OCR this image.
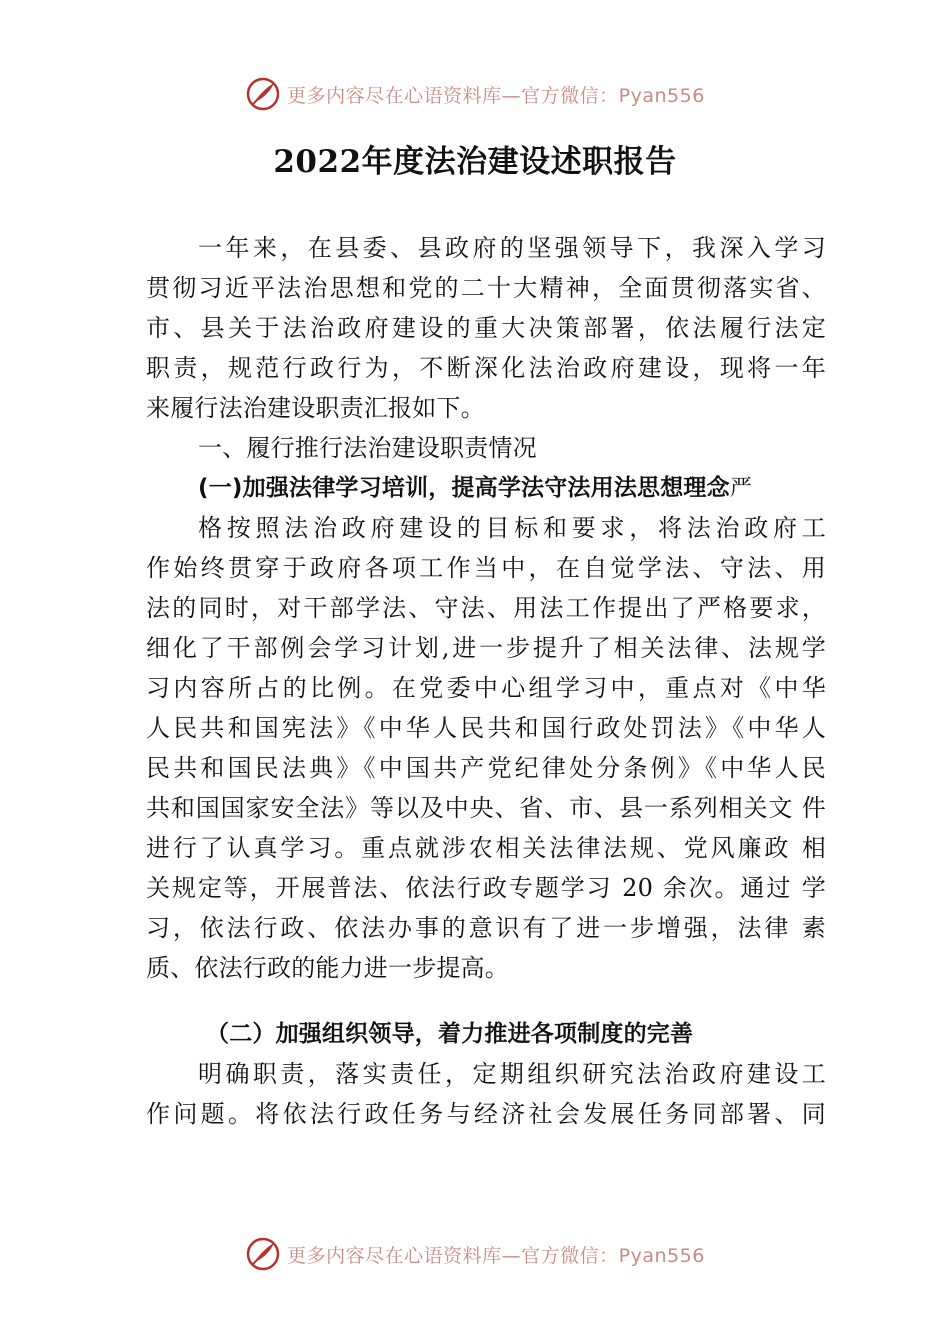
更多内容尽在心语资料库—官方微信：Pyan556
2022年度法治建设述职报告
一年来，在县委、县政府的坚强领导下，我深入学习
贯彻习近平法治思想和党的二十大精神，全面贯彻落实省、
市、县关于法治政府建设的重大决策部署，依法履行法定
职责，规范行政行为，不断深化法治政府建设，现将一年
来履行法治建设职责汇报如下。
一、履行推行法治建设职责情况
(一)加强法律学习培训，提高学法守法用法思想理念严
格按照法治政府建设的目标和要求，将法治政府工
作始终贯穿于政府各项工作当中，在自觉学法、守法、用
法的同时，对干部学法、守法、用法工作提出了严格要求，
细化了干部例会学习计划,进一步提升了相关法律、法规学
习内容所占的比例。在党委中心组学习中，重点对《中华
人民共和国宪法》《中华人民共和国行政处罚法》《中华人
民共和国民法典》《中国共产党纪律处分条例》《中华人民
共和国国家安全法》等以及中央、省、市、县一系列相关文 件
进行了认真学习。重点就涉农相关法律法规、党风廉政 相
关规定等，开展普法、依法行政专题学习 20 余次。通过 学
习，依法行政、依法办事的意识有了进一步增强，法律 素
质、依法行政的能力进一步提高。
（二）加强组织领导，着力推进各项制度的完善
明确职责，落实责任，定期组织研究法治政府建设工
作问题。将依法行政任务与经济社会发展任务同部署、同
更多内容尽在心语资料库—官方微信：Pyan556
